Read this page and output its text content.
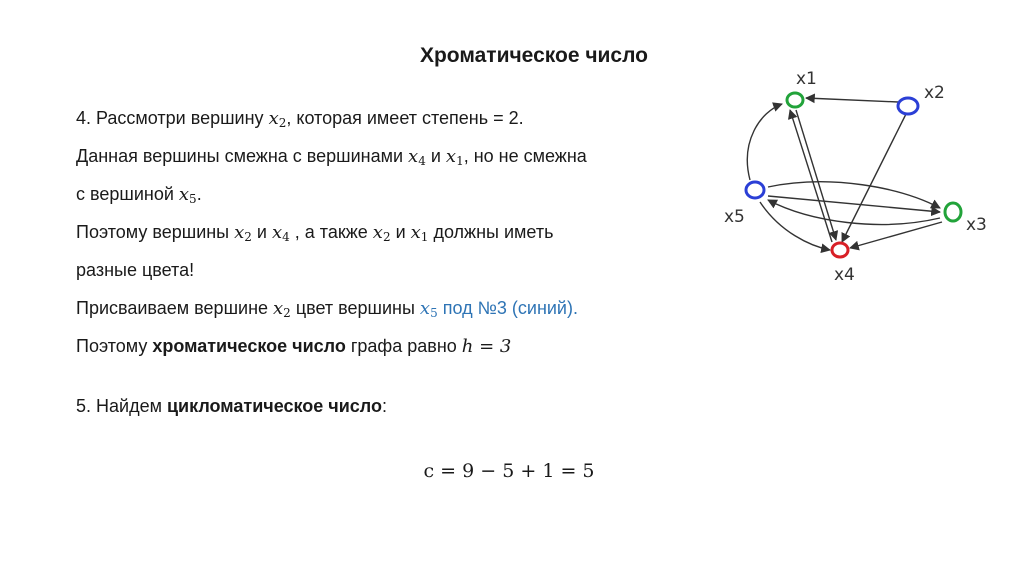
Хроматическое число
4. Рассмотри вершину $x_2$, которая имеет степень = 2.
Данная вершины смежна с вершинами $x_4$ и $x_1$, но не смежна
с вершиной $x_5$.
Поэтому вершины $x_2$ и $x_4$ , а также $x_2$ и $x_1$ должны иметь
разные цвета!
Присваиваем вершине $x_2$ цвет вершины $x_5$ под №3 (синий).
Поэтому хроматическое число графа равно h = 3
5. Найдем цикломатическое число:
c = 9 − 5 + 1 = 5
x1
x2
x5	x3
x4
